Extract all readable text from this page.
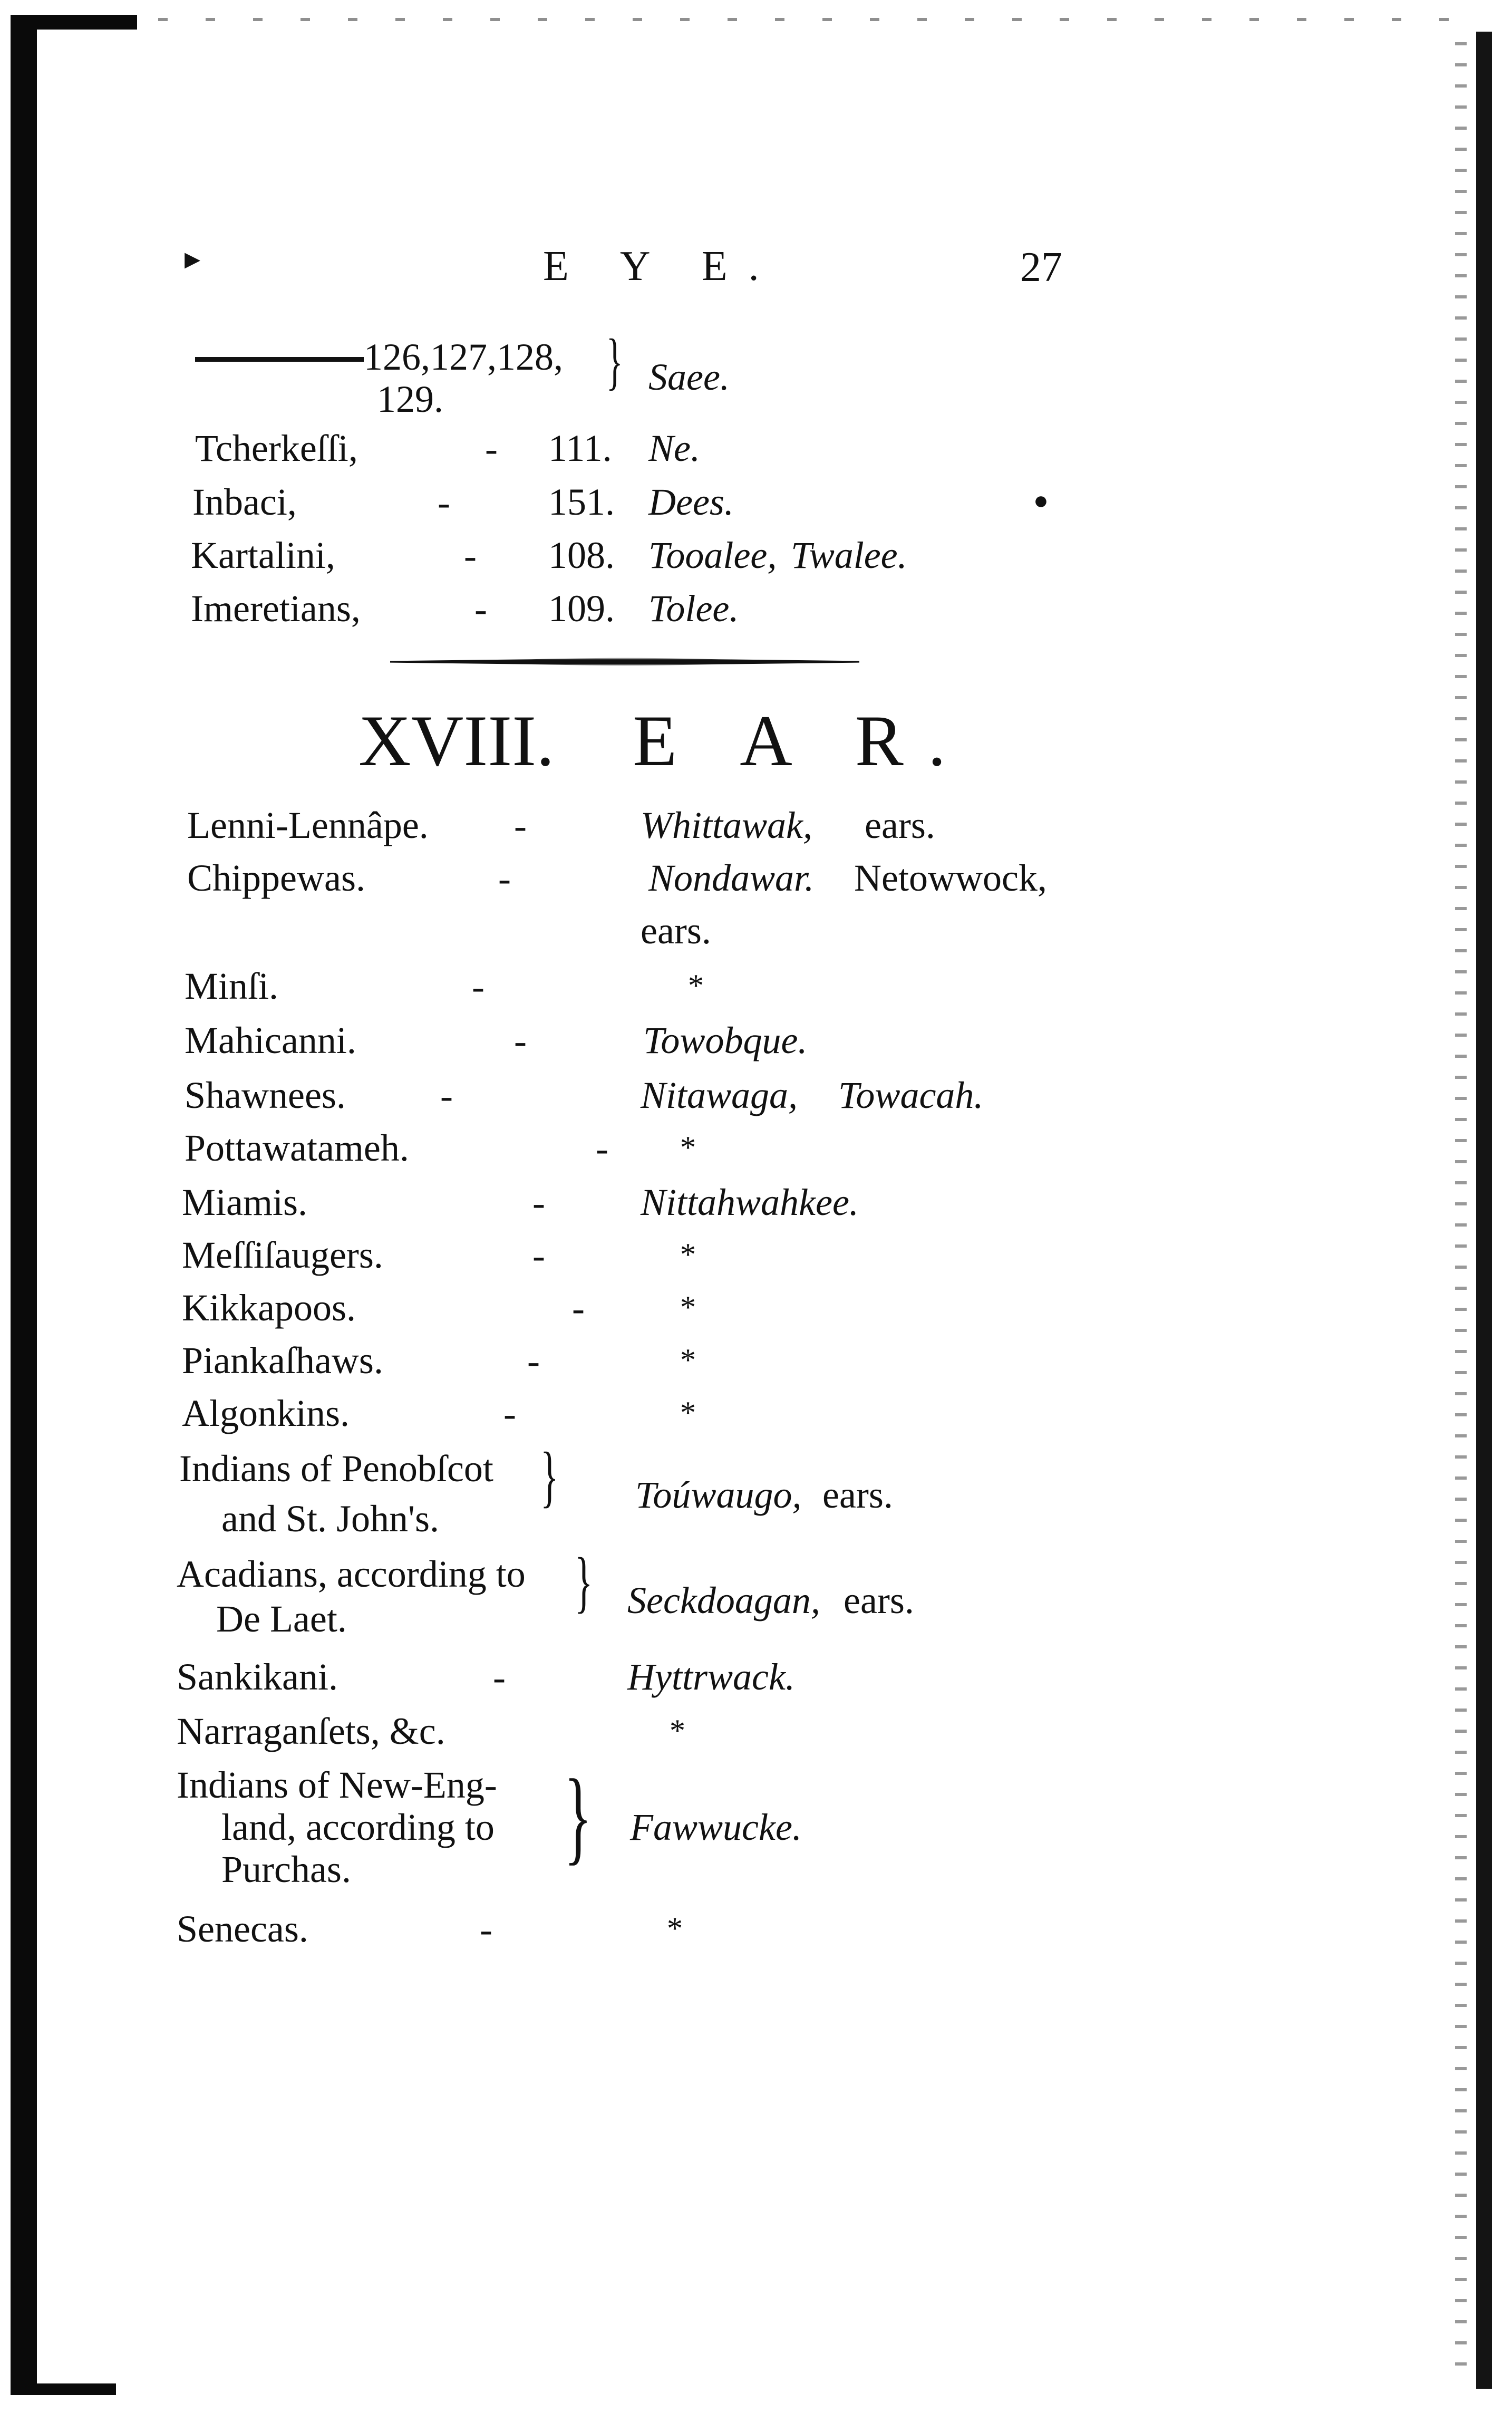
▸	E Y E.	27
126,127,128,
129.
} Saee.
Tcherkeſſi,	- 111. Ne.
Inbaci,	-	151. Dees.	●
Kartalini,	- 108. Tooalee, Twalee.
Imeretians,	- 109. Tolee.
XVIII. E A R.
Lenni-Lennâpe. -	Whittawak, ears.
Chippewas.	-	Nondawar. Netowwock,
ears.
Minſi.	-	*
Mahicanni.	-	Towobque.
Shawnees. -	Nitawaga, Towacah.
Pottawatameh.	- *
Miamis.	-	Nittahwahkee.
Meſſiſaugers.	-	*
Kikkapoos.	-	*
Piankaſhaws.	-	*
Algonkins.	-	*
Indians of Penobſcot
and St. John's.
} Toúwaugo, ears.
Acadians, according to
De Laet.	} Seckdoagan, ears.
Sankikani.	-	Hyttrwack.
Narraganſets, &c.	*
Indians of New-Eng-
land, according to
Purchas. } Fawwucke.
Senecas.	-	*
